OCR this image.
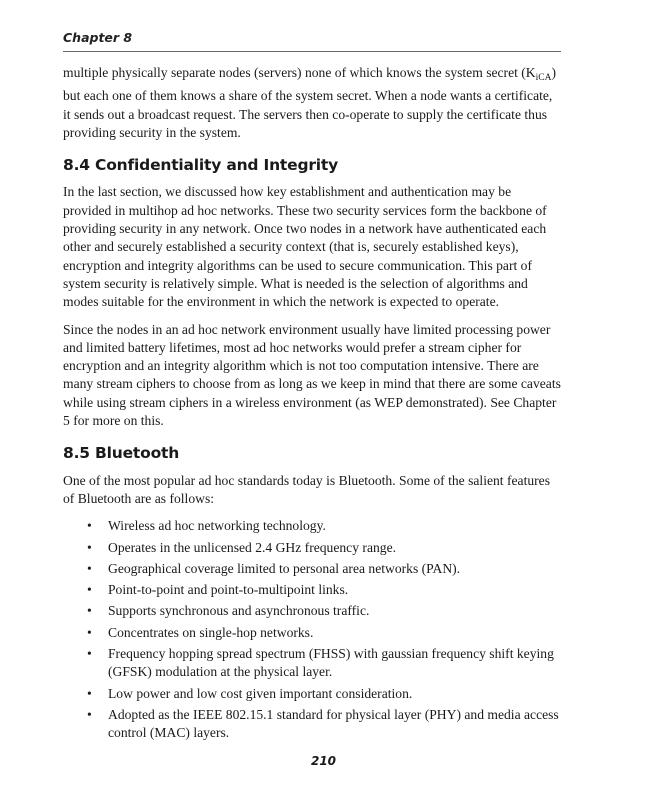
Chapter 8

multiple physically separate nodes (servers) none of which knows the system secret $(K_{iCA})$ but each one of them knows a share of the system secret. When a node wants a certificate, it sends out a broadcast request. The servers then co-operate to supply the certificate thus providing security in the system.

8.4 Confidentiality and Integrity

In the last section, we discussed how key establishment and authentication may be provided in multihop ad hoc networks. These two security services form the backbone of providing security in any network. Once two nodes in a network have authenticated each other and securely established a security context (that is, securely established keys), encryption and integrity algorithms can be used to secure communication. This part of system security is relatively simple. What is needed is the selection of algorithms and modes suitable for the environment in which the network is expected to operate.

Since the nodes in an ad hoc network environment usually have limited processing power and limited battery lifetimes, most ad hoc networks would prefer a stream cipher for encryption and an integrity algorithm which is not too computation intensive. There are many stream ciphers to choose from as long as we keep in mind that there are some caveats while using stream ciphers in a wireless environment (as WEP demonstrated). See Chapter 5 for more on this.

8.5 Bluetooth

One of the most popular ad hoc standards today is Bluetooth. Some of the salient features of Bluetooth are as follows:

• Wireless ad hoc networking technology.
• Operates in the unlicensed 2.4 GHz frequency range.
• Geographical coverage limited to personal area networks (PAN).
• Point-to-point and point-to-multipoint links.
• Supports synchronous and asynchronous traffic.
• Concentrates on single-hop networks.
• Frequency hopping spread spectrum (FHSS) with gaussian frequency shift keying (GFSK) modulation at the physical layer.
• Low power and low cost given important consideration.
• Adopted as the IEEE 802.15.1 standard for physical layer (PHY) and media access control (MAC) layers.
210
